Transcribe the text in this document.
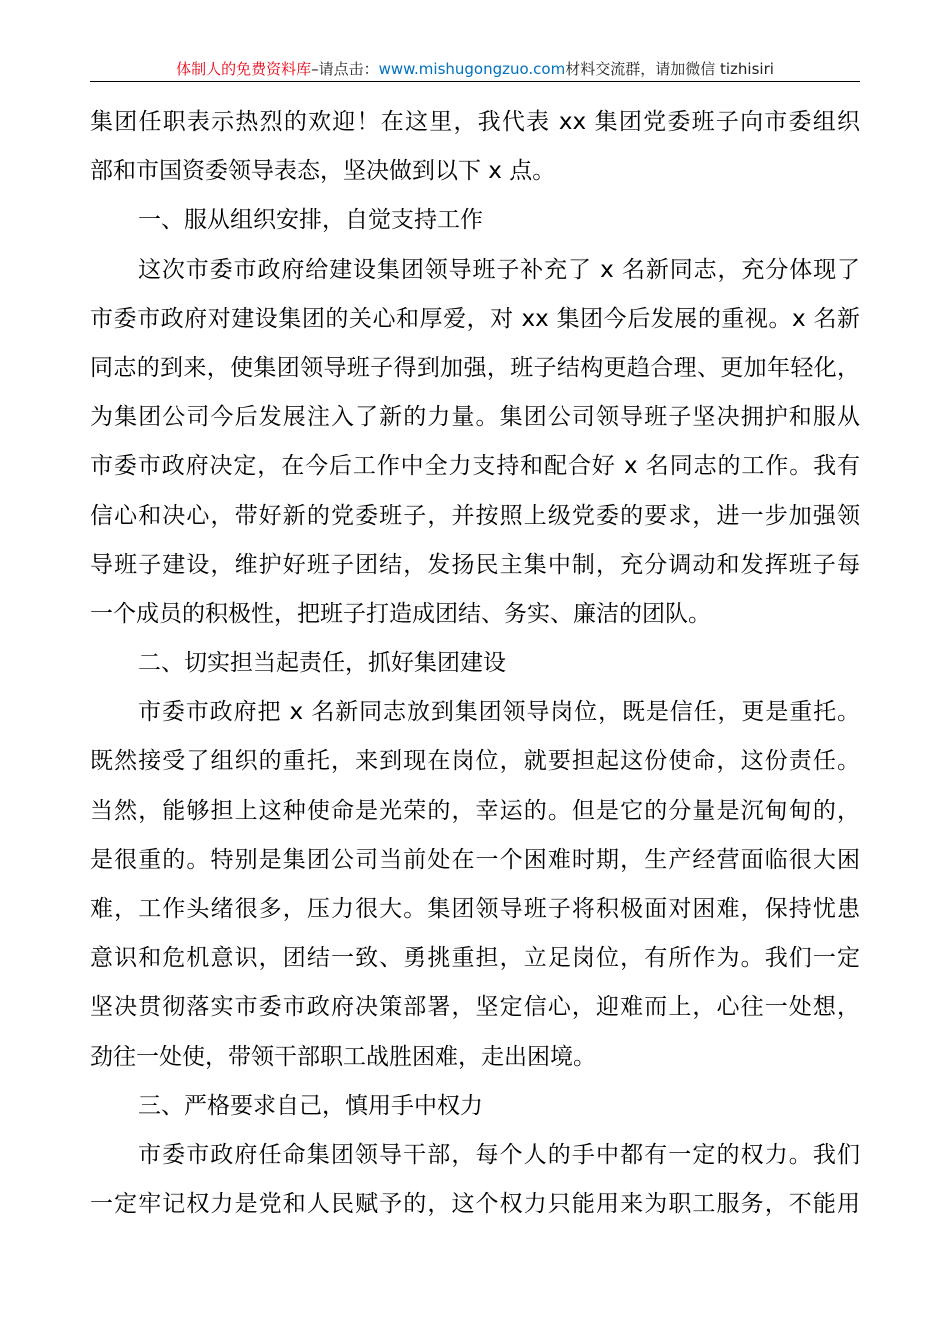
体制人的免费资料库–请点击：www.mishugongzuo.com材料交流群，请加微信 tizhisiri
集团任职表示热烈的欢迎！在这里，我代表 xx 集团党委班子向市委组织
部和市国资委领导表态，坚决做到以下 x 点。
一、服从组织安排，自觉支持工作
这次市委市政府给建设集团领导班子补充了 x 名新同志，充分体现了
市委市政府对建设集团的关心和厚爱，对 xx 集团今后发展的重视。x 名新
同志的到来，使集团领导班子得到加强，班子结构更趋合理、更加年轻化，
为集团公司今后发展注入了新的力量。集团公司领导班子坚决拥护和服从
市委市政府决定，在今后工作中全力支持和配合好 x 名同志的工作。我有
信心和决心，带好新的党委班子，并按照上级党委的要求，进一步加强领
导班子建设，维护好班子团结，发扬民主集中制，充分调动和发挥班子每
一个成员的积极性，把班子打造成团结、务实、廉洁的团队。
二、切实担当起责任，抓好集团建设
市委市政府把 x 名新同志放到集团领导岗位，既是信任，更是重托。
既然接受了组织的重托，来到现在岗位，就要担起这份使命，这份责任。
当然，能够担上这种使命是光荣的，幸运的。但是它的分量是沉甸甸的，
是很重的。特别是集团公司当前处在一个困难时期，生产经营面临很大困
难，工作头绪很多，压力很大。集团领导班子将积极面对困难，保持忧患
意识和危机意识，团结一致、勇挑重担，立足岗位，有所作为。我们一定
坚决贯彻落实市委市政府决策部署，坚定信心，迎难而上，心往一处想，
劲往一处使，带领干部职工战胜困难，走出困境。
三、严格要求自己，慎用手中权力
市委市政府任命集团领导干部，每个人的手中都有一定的权力。我们
一定牢记权力是党和人民赋予的，这个权力只能用来为职工服务，不能用
